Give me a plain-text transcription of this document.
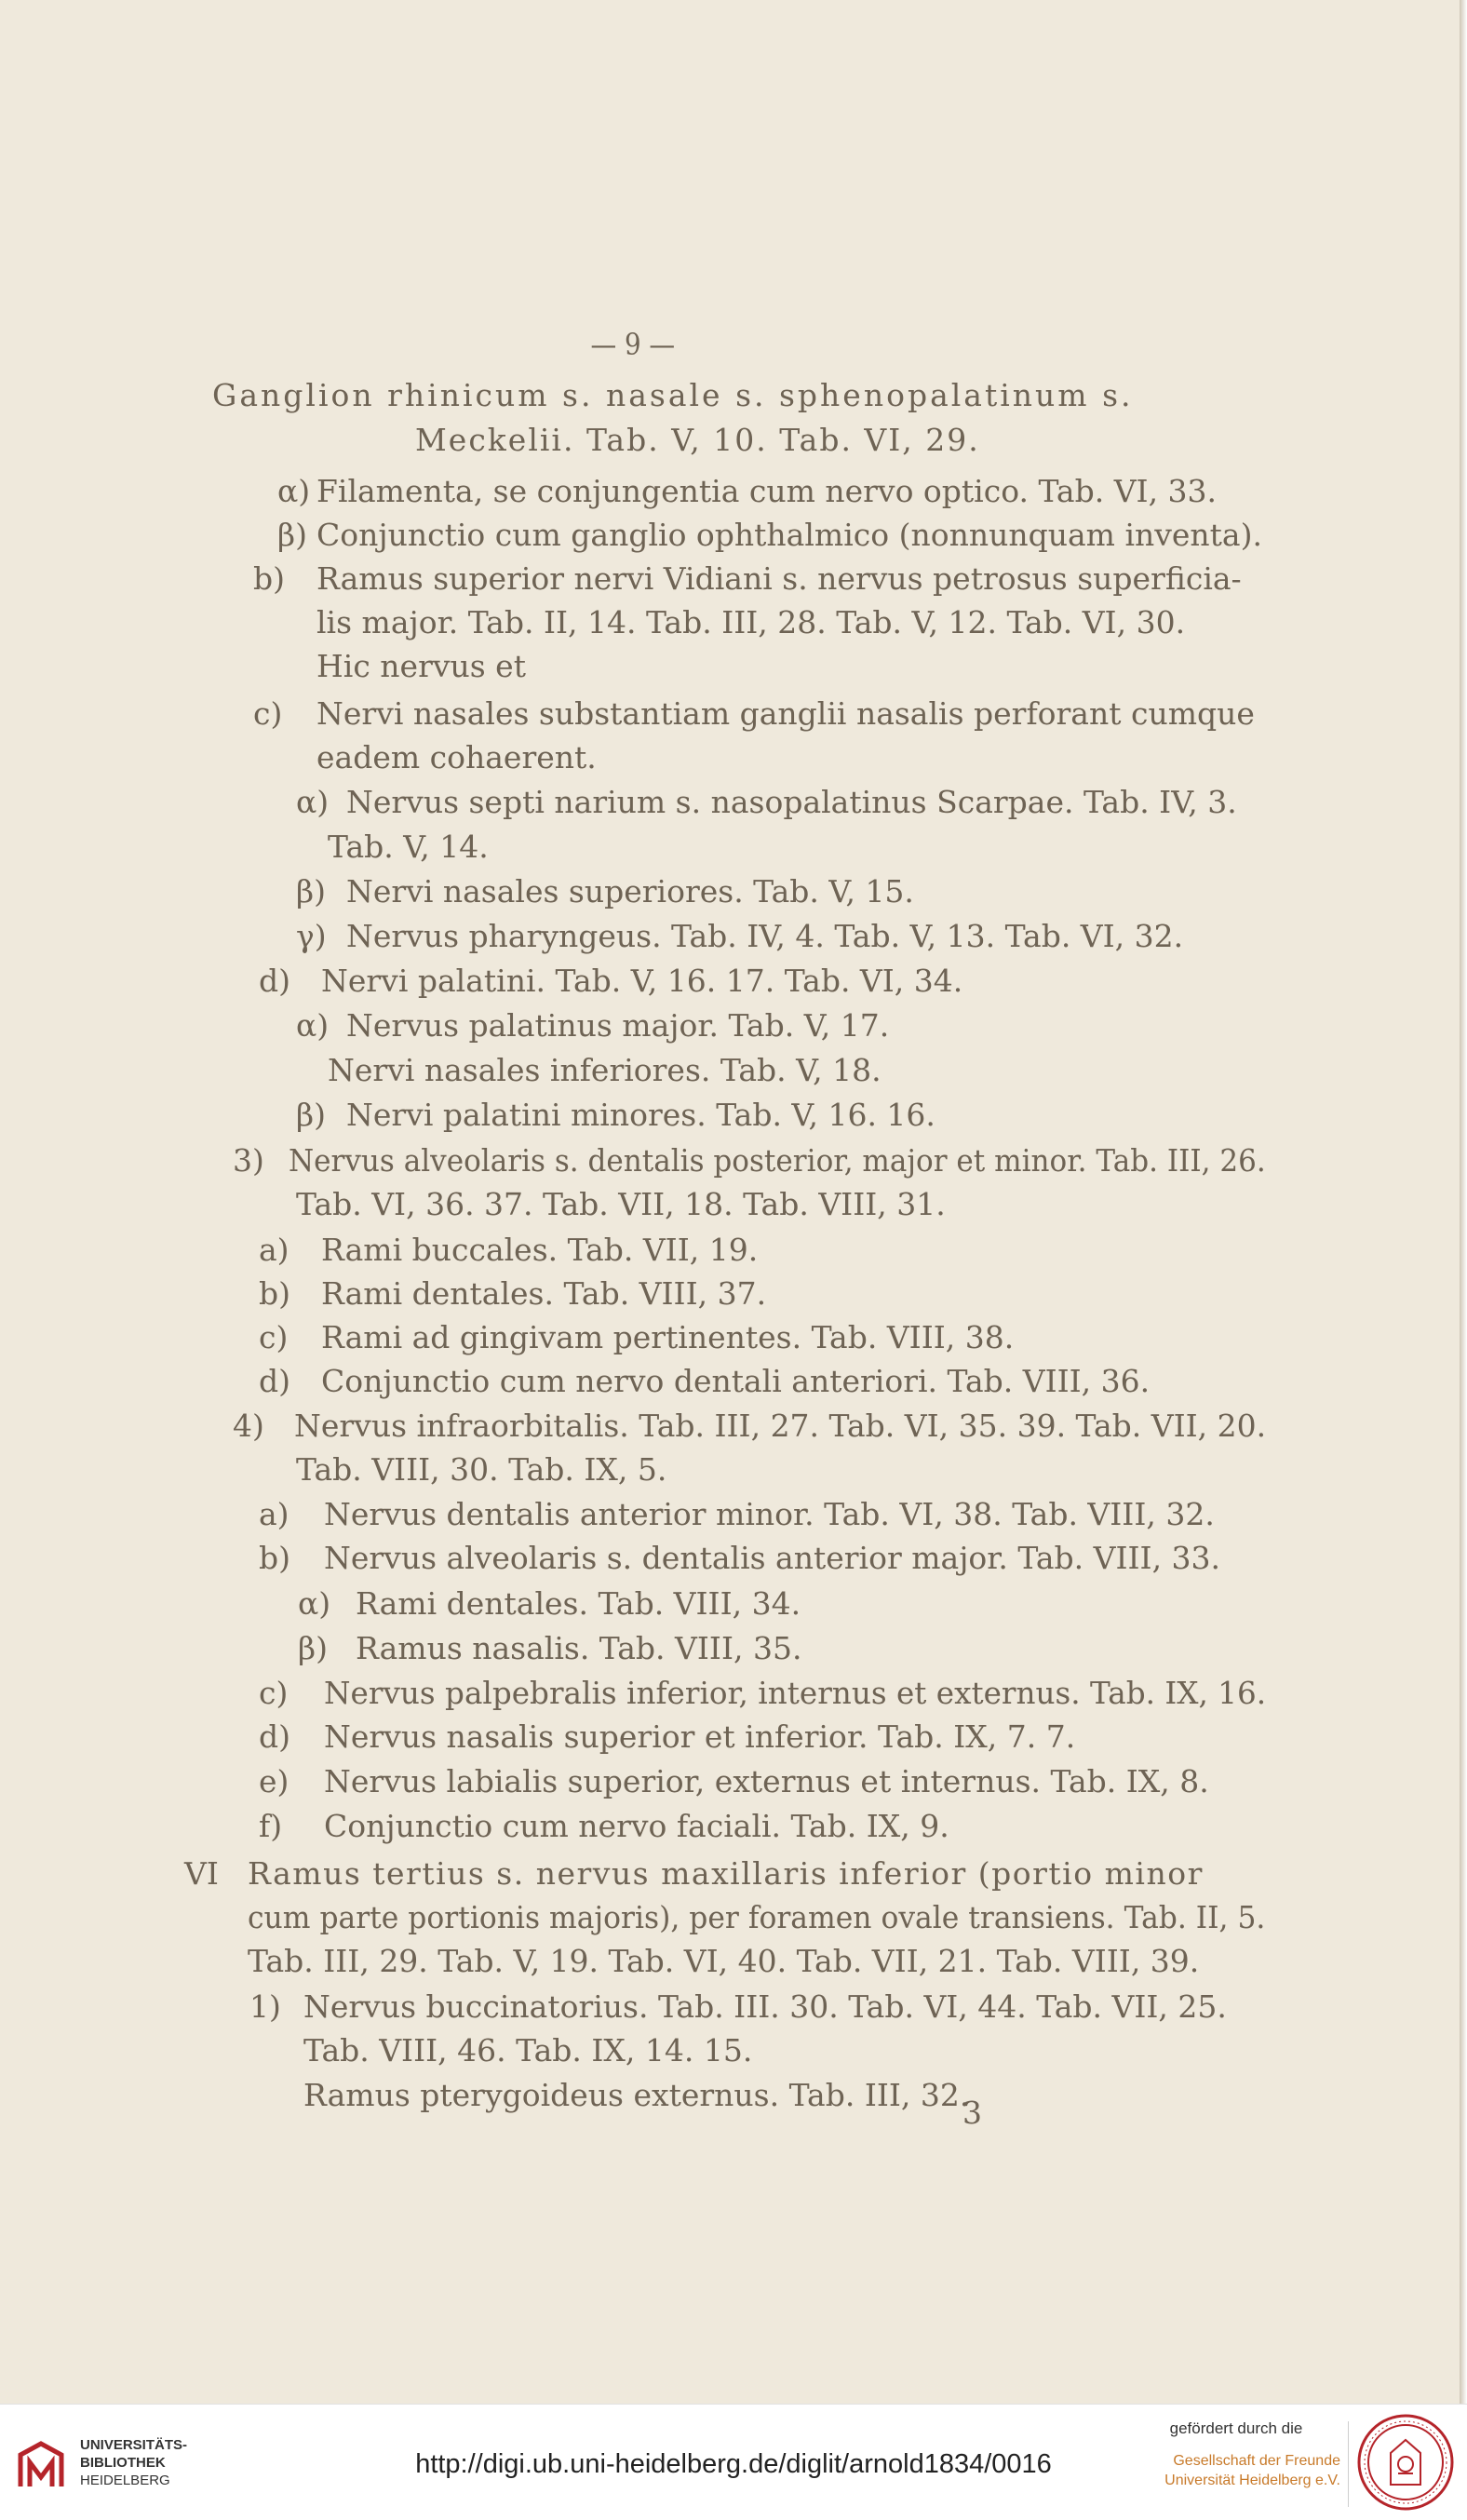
— 9 —
Ganglion rhinicum s. nasale s. sphenopalatinum s.
Meckelii. Tab. V, 10. Tab. VI, 29.
α) Filamenta, se conjungentia cum nervo optico. Tab. VI, 33.
β) Conjunctio cum ganglio ophthalmico (nonnunquam inventa).
b) Ramus superior nervi Vidiani s. nervus petrosus superficia-
lis major. Tab. II, 14. Tab. III, 28. Tab. V, 12. Tab. VI, 30.
Hic nervus et
c) Nervi nasales substantiam ganglii nasalis perforant cumque
eadem cohaerent.
α) Nervus septi narium s. nasopalatinus Scarpae. Tab. IV, 3.
Tab. V, 14.
β) Nervi nasales superiores. Tab. V, 15.
γ) Nervus pharyngeus. Tab. IV, 4. Tab. V, 13. Tab. VI, 32.
d) Nervi palatini. Tab. V, 16. 17. Tab. VI, 34.
α) Nervus palatinus major. Tab. V, 17.
Nervi nasales inferiores. Tab. V, 18.
β) Nervi palatini minores. Tab. V, 16. 16.
3) Nervus alveolaris s. dentalis posterior, major et minor. Tab. III, 26.
Tab. VI, 36. 37. Tab. VII, 18. Tab. VIII, 31.
a) Rami buccales. Tab. VII, 19.
b) Rami dentales. Tab. VIII, 37.
c) Rami ad gingivam pertinentes. Tab. VIII, 38.
d) Conjunctio cum nervo dentali anteriori. Tab. VIII, 36.
4) Nervus infraorbitalis. Tab. III, 27. Tab. VI, 35. 39. Tab. VII, 20.
Tab. VIII, 30. Tab. IX, 5.
a) Nervus dentalis anterior minor. Tab. VI, 38. Tab. VIII, 32.
b) Nervus alveolaris s. dentalis anterior major. Tab. VIII, 33.
α) Rami dentales. Tab. VIII, 34.
β) Ramus nasalis. Tab. VIII, 35.
c) Nervus palpebralis inferior, internus et externus. Tab. IX, 16.
d) Nervus nasalis superior et inferior. Tab. IX, 7. 7.
e) Nervus labialis superior, externus et internus. Tab. IX, 8.
f) Conjunctio cum nervo faciali. Tab. IX, 9.
VI Ramus tertius s. nervus maxillaris inferior (portio minor
cum parte portionis majoris), per foramen ovale transiens. Tab. II, 5.
Tab. III, 29. Tab. V, 19. Tab. VI, 40. Tab. VII, 21. Tab. VIII, 39.
1) Nervus buccinatorius. Tab. III. 30. Tab. VI, 44. Tab. VII, 25.
Tab. VIII, 46. Tab. IX, 14. 15.
Ramus pterygoideus externus. Tab. III, 32.
3
UNIVERSITÄTS-
BIBLIOTHEK
HEIDELBERG
http://digi.ub.uni-heidelberg.de/diglit/arnold1834/0016
gefördert durch die
Gesellschaft der Freunde
Universität Heidelberg e.V.
